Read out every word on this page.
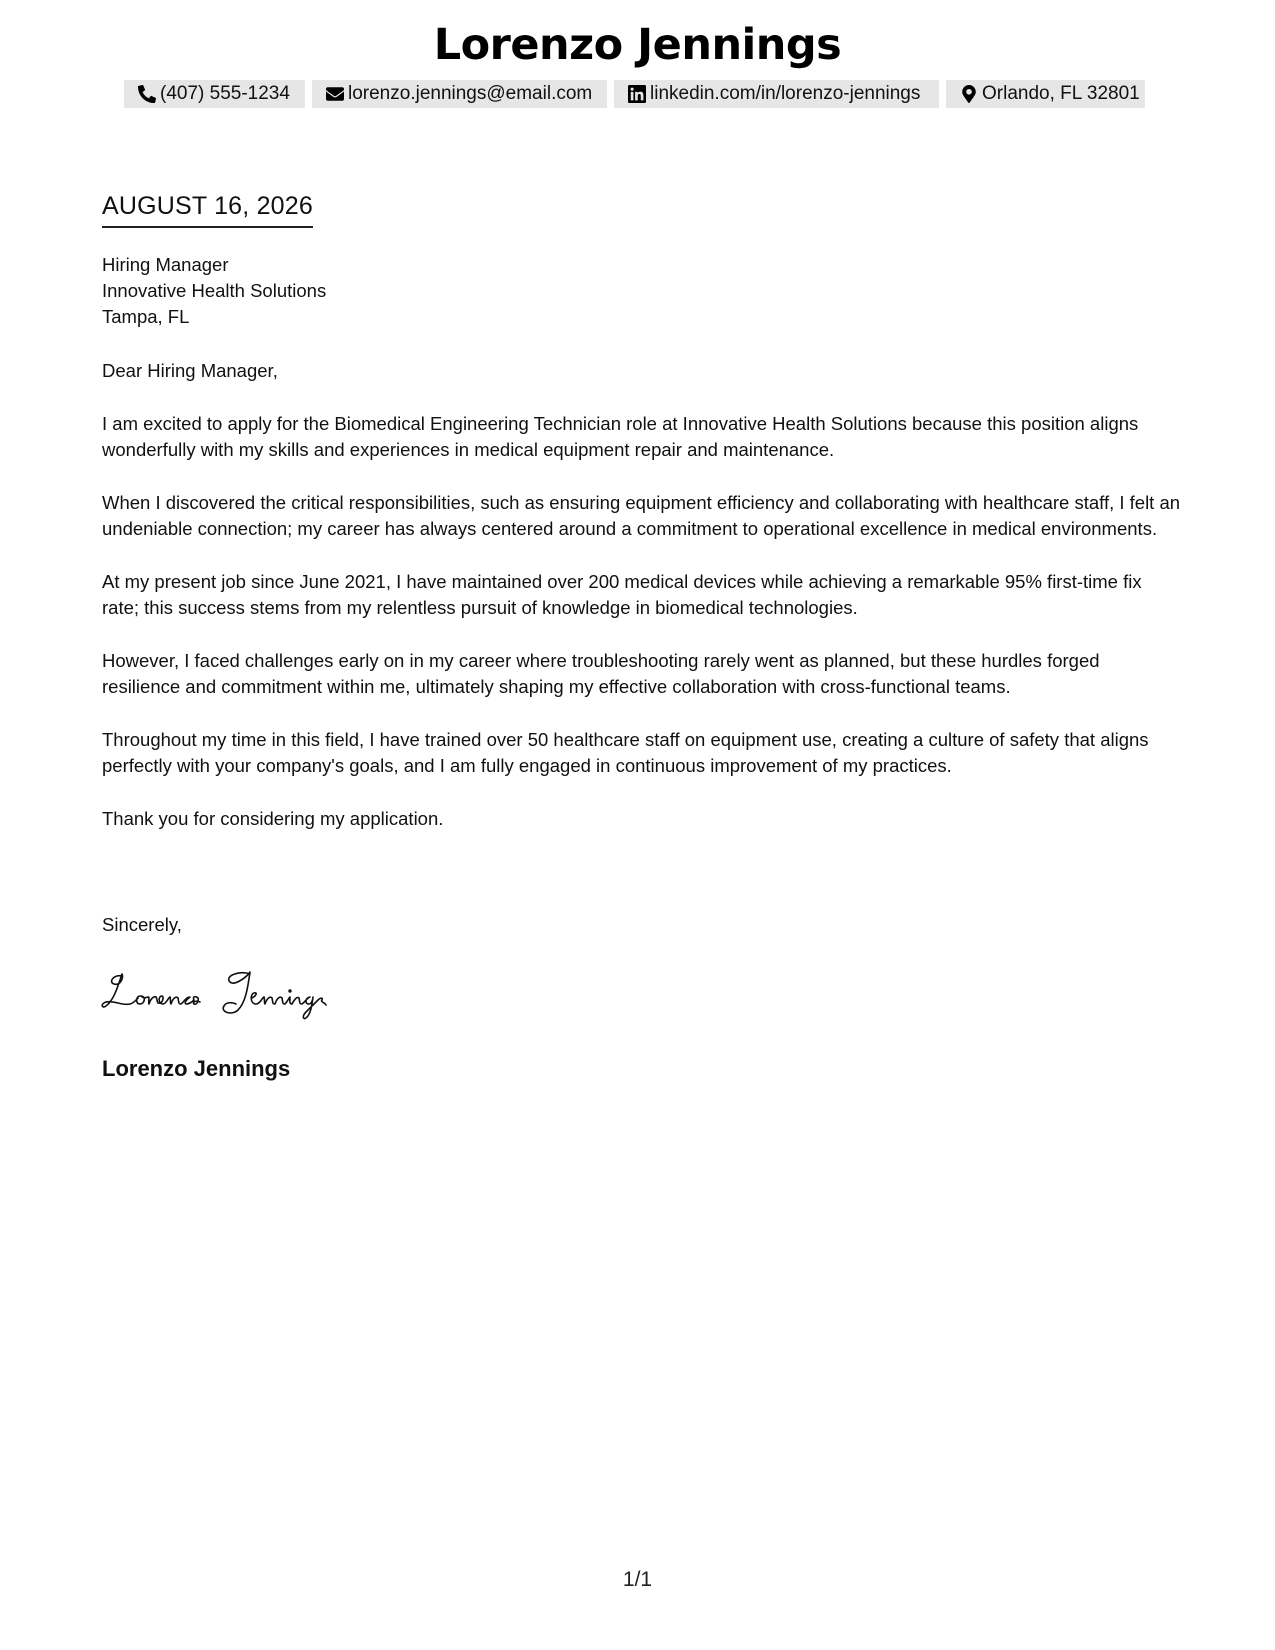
Lorenzo Jennings
(407) 555-1234	lorenzo.jennings@email.com	linkedin.com/in/lorenzo-jennings	Orlando, FL 32801
AUGUST 16, 2026
Hiring Manager
Innovative Health Solutions
Tampa, FL

Dear Hiring Manager,

I am excited to apply for the Biomedical Engineering Technician role at Innovative Health Solutions because this position aligns wonderfully with my skills and experiences in medical equipment repair and maintenance.

When I discovered the critical responsibilities, such as ensuring equipment efficiency and collaborating with healthcare staff, I felt an undeniable connection; my career has always centered around a commitment to operational excellence in medical environments.

At my present job since June 2021, I have maintained over 200 medical devices while achieving a remarkable 95% first-time fix rate; this success stems from my relentless pursuit of knowledge in biomedical technologies.

However, I faced challenges early on in my career where troubleshooting rarely went as planned, but these hurdles forged resilience and commitment within me, ultimately shaping my effective collaboration with cross-functional teams.

Throughout my time in this field, I have trained over 50 healthcare staff on equipment use, creating a culture of safety that aligns perfectly with your company's goals, and I am fully engaged in continuous improvement of my practices.

Thank you for considering my application.

Sincerely,
Lorenzo Jennings
1/1
